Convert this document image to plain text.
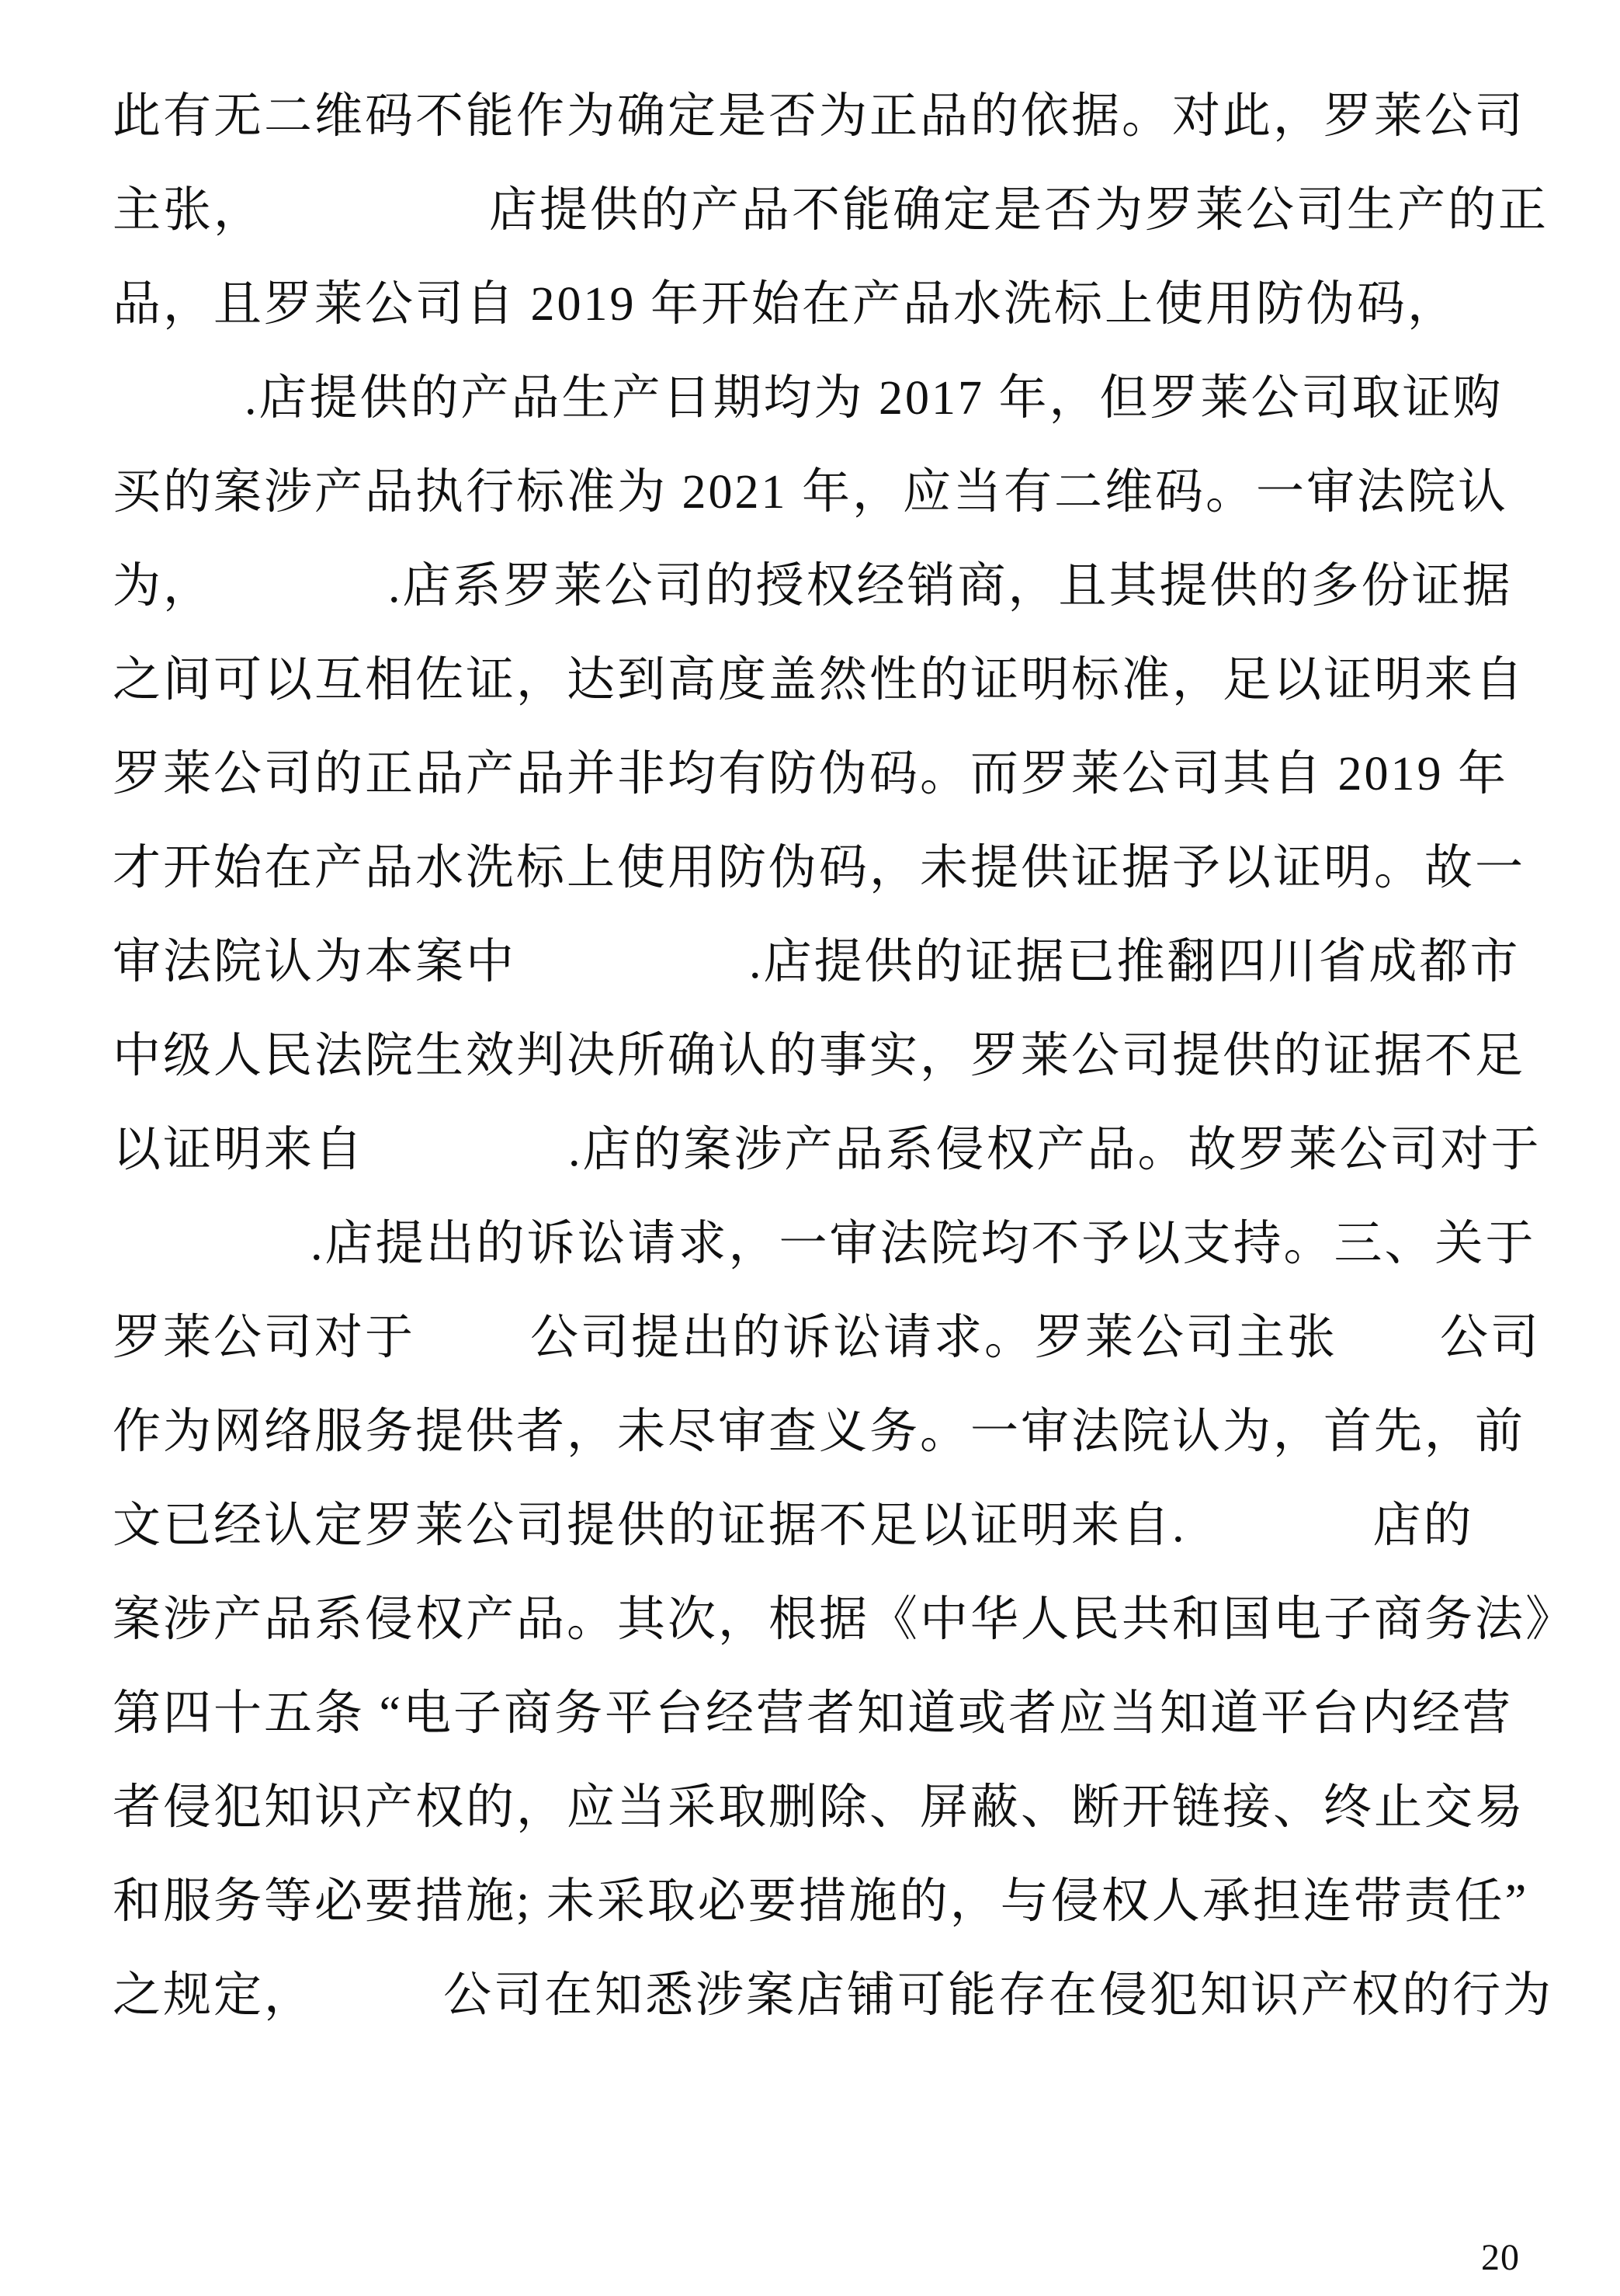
此有无二维码不能作为确定是否为正品的依据。对此，罗莱公司
主张，	店提供的产品不能确定是否为罗莱公司生产的正
品，且罗莱公司自 2019 年开始在产品水洗标上使用防伪码，
.店提供的产品生产日期均为 2017 年，但罗莱公司取证购
买的案涉产品执行标准为 2021 年，应当有二维码。一审法院认
为，	.店系罗莱公司的授权经销商，且其提供的多份证据
之间可以互相佐证，达到高度盖然性的证明标准，足以证明来自
罗莱公司的正品产品并非均有防伪码。而罗莱公司其自 2019 年
才开始在产品水洗标上使用防伪码，未提供证据予以证明。故一
审法院认为本案中	.店提供的证据已推翻四川省成都市
中级人民法院生效判决所确认的事实，罗莱公司提供的证据不足
以证明来自	.店的案涉产品系侵权产品。故罗莱公司对于
.店提出的诉讼请求，一审法院均不予以支持。三、关于
罗莱公司对于 公司提出的诉讼请求。罗莱公司主张 公司
作为网络服务提供者，未尽审查义务。一审法院认为，首先，前
文已经认定罗莱公司提供的证据不足以证明来自.	店的
案涉产品系侵权产品。其次，根据《中华人民共和国电子商务法》
第四十五条 “电子商务平台经营者知道或者应当知道平台内经营
者侵犯知识产权的，应当采取删除、屏蔽、断开链接、终止交易
和服务等必要措施; 未采取必要措施的，与侵权人承担连带责任”
之规定，	公司在知悉涉案店铺可能存在侵犯知识产权的行为
20
